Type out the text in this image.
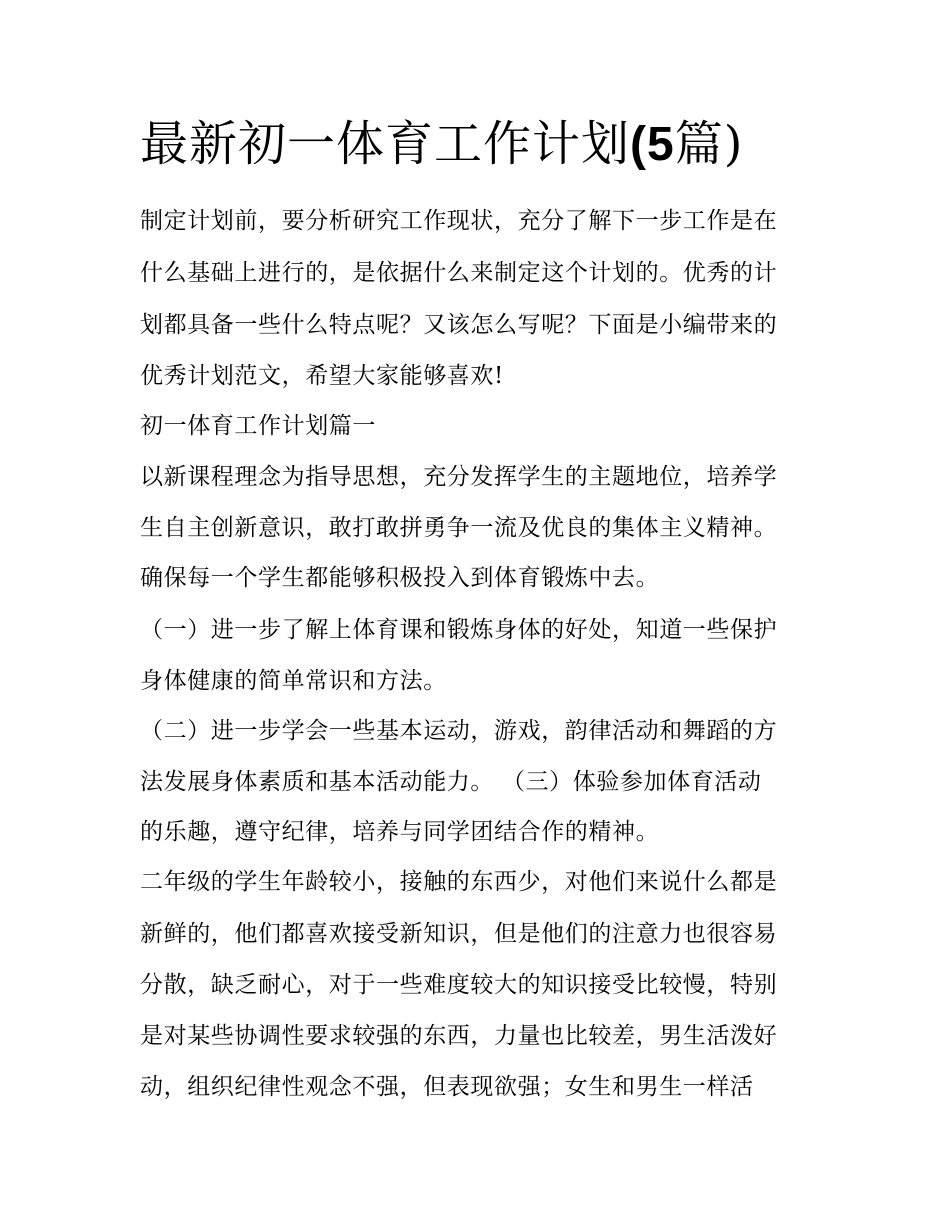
最新初一体育工作计划(5篇)
制定计划前，要分析研究工作现状，充分了解下一步工作是在
什么基础上进行的，是依据什么来制定这个计划的。优秀的计
划都具备一些什么特点呢？又该怎么写呢？下面是小编带来的
优秀计划范文，希望大家能够喜欢!
初一体育工作计划篇一
以新课程理念为指导思想，充分发挥学生的主题地位，培养学
生自主创新意识，敢打敢拼勇争一流及优良的集体主义精神。
确保每一个学生都能够积极投入到体育锻炼中去。
（一）进一步了解上体育课和锻炼身体的好处，知道一些保护
身体健康的简单常识和方法。
（二）进一步学会一些基本运动，游戏，韵律活动和舞蹈的方
法发展身体素质和基本活动能力。 （三）体验参加体育活动
的乐趣，遵守纪律，培养与同学团结合作的精神。
二年级的学生年龄较小，接触的东西少，对他们来说什么都是
新鲜的，他们都喜欢接受新知识，但是他们的注意力也很容易
分散，缺乏耐心，对于一些难度较大的知识接受比较慢，特别
是对某些协调性要求较强的东西，力量也比较差，男生活泼好
动，组织纪律性观念不强，但表现欲强；女生和男生一样活
